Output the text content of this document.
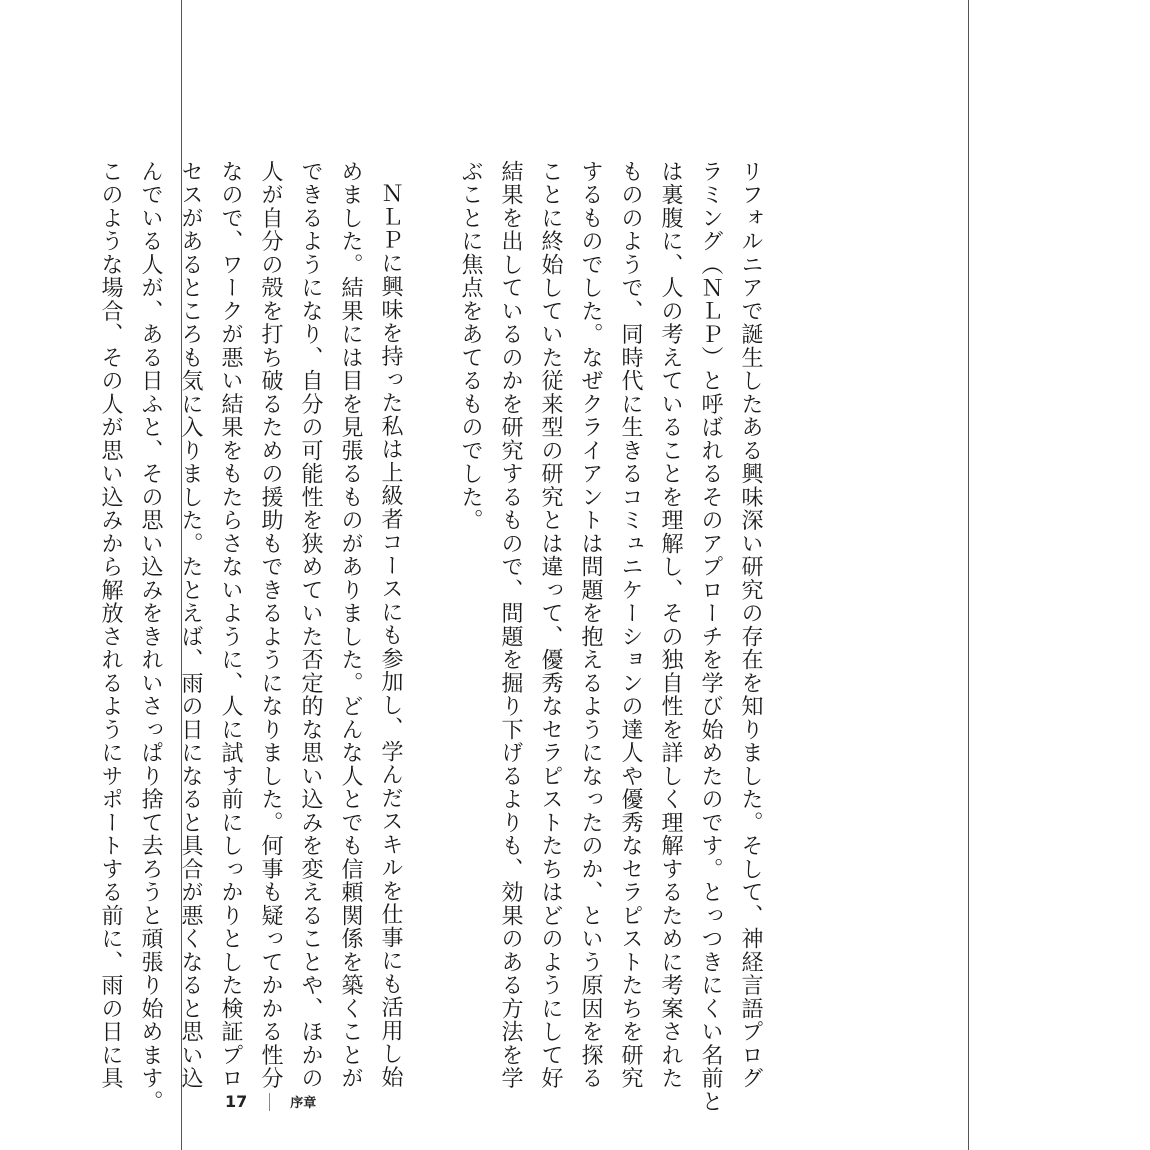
リフォルニアで誕生したある興味深い研究の存在を知りました。そして、神経言語プログ

ラミング（ＮＬＰ）と呼ばれるそのアプローチを学び始めたのです。とっつきにくい名前と

は裏腹に、人の考えていることを理解し、その独自性を詳しく理解するために考案された

もののようで、同時代に生きるコミュニケーションの達人や優秀なセラピストたちを研究

するものでした。なぜクライアントは問題を抱えるようになったのか、という原因を探る

ことに終始していた従来型の研究とは違って、優秀なセラピストたちはどのようにして好

結果を出しているのかを研究するもので、問題を掘り下げるよりも、効果のある方法を学

ぶことに焦点をあてるものでした。

ＮＬＰに興味を持った私は上級者コースにも参加し、学んだスキルを仕事にも活用し始

めました。結果には目を見張るものがありました。どんな人とでも信頼関係を築くことが

できるようになり、自分の可能性を狭めていた否定的な思い込みを変えることや、ほかの

人が自分の殻を打ち破るための援助もできるようになりました。何事も疑ってかかる性分

なので、ワークが悪い結果をもたらさないように、人に試す前にしっかりとした検証プロ

セスがあるところも気に入りました。たとえば、雨の日になると具合が悪くなると思い込

んでいる人が、ある日ふと、その思い込みをきれいさっぱり捨て去ろうと頑張り始めます。

このような場合、その人が思い込みから解放されるようにサポートする前に、雨の日に具

17	序章
